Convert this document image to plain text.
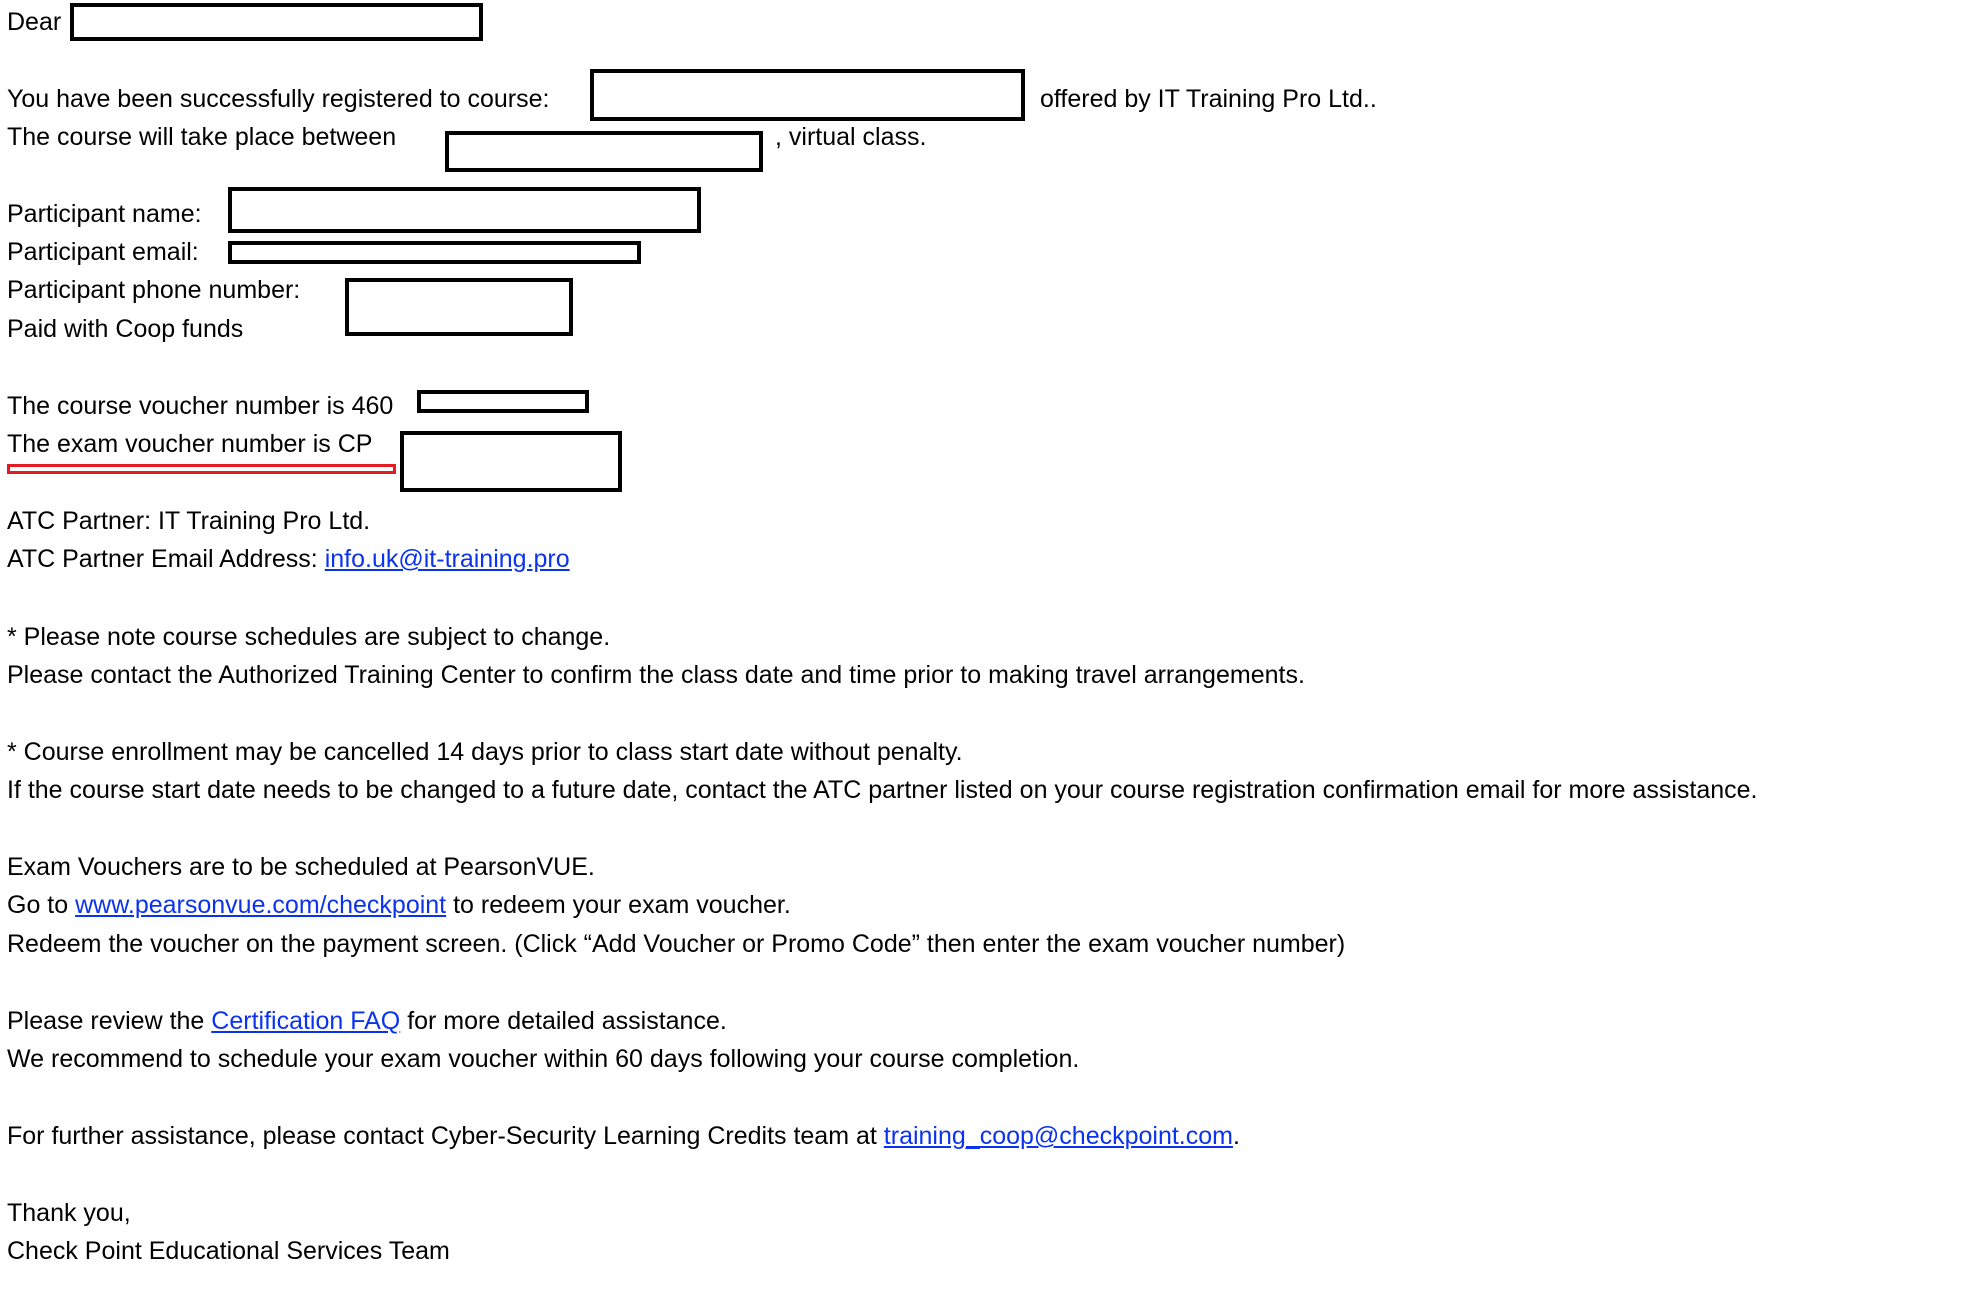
Dear
You have been successfully registered to course:	offered by IT Training Pro Ltd..
The course will take place between	, virtual class.
Participant name:
Participant email:
Participant phone number:
Paid with Coop funds
The course voucher number is 460
The exam voucher number is CP
ATC Partner: IT Training Pro Ltd.
ATC Partner Email Address: info.uk@it-training.pro
* Please note course schedules are subject to change.
Please contact the Authorized Training Center to confirm the class date and time prior to making travel arrangements.
* Course enrollment may be cancelled 14 days prior to class start date without penalty.
If the course start date needs to be changed to a future date, contact the ATC partner listed on your course registration confirmation email for more assistance.
Exam Vouchers are to be scheduled at PearsonVUE.
Go to www.pearsonvue.com/checkpoint to redeem your exam voucher.
Redeem the voucher on the payment screen. (Click “Add Voucher or Promo Code” then enter the exam voucher number)
Please review the Certification FAQ for more detailed assistance.
We recommend to schedule your exam voucher within 60 days following your course completion.
For further assistance, please contact Cyber-Security Learning Credits team at training_coop@checkpoint.com.
Thank you,
Check Point Educational Services Team
